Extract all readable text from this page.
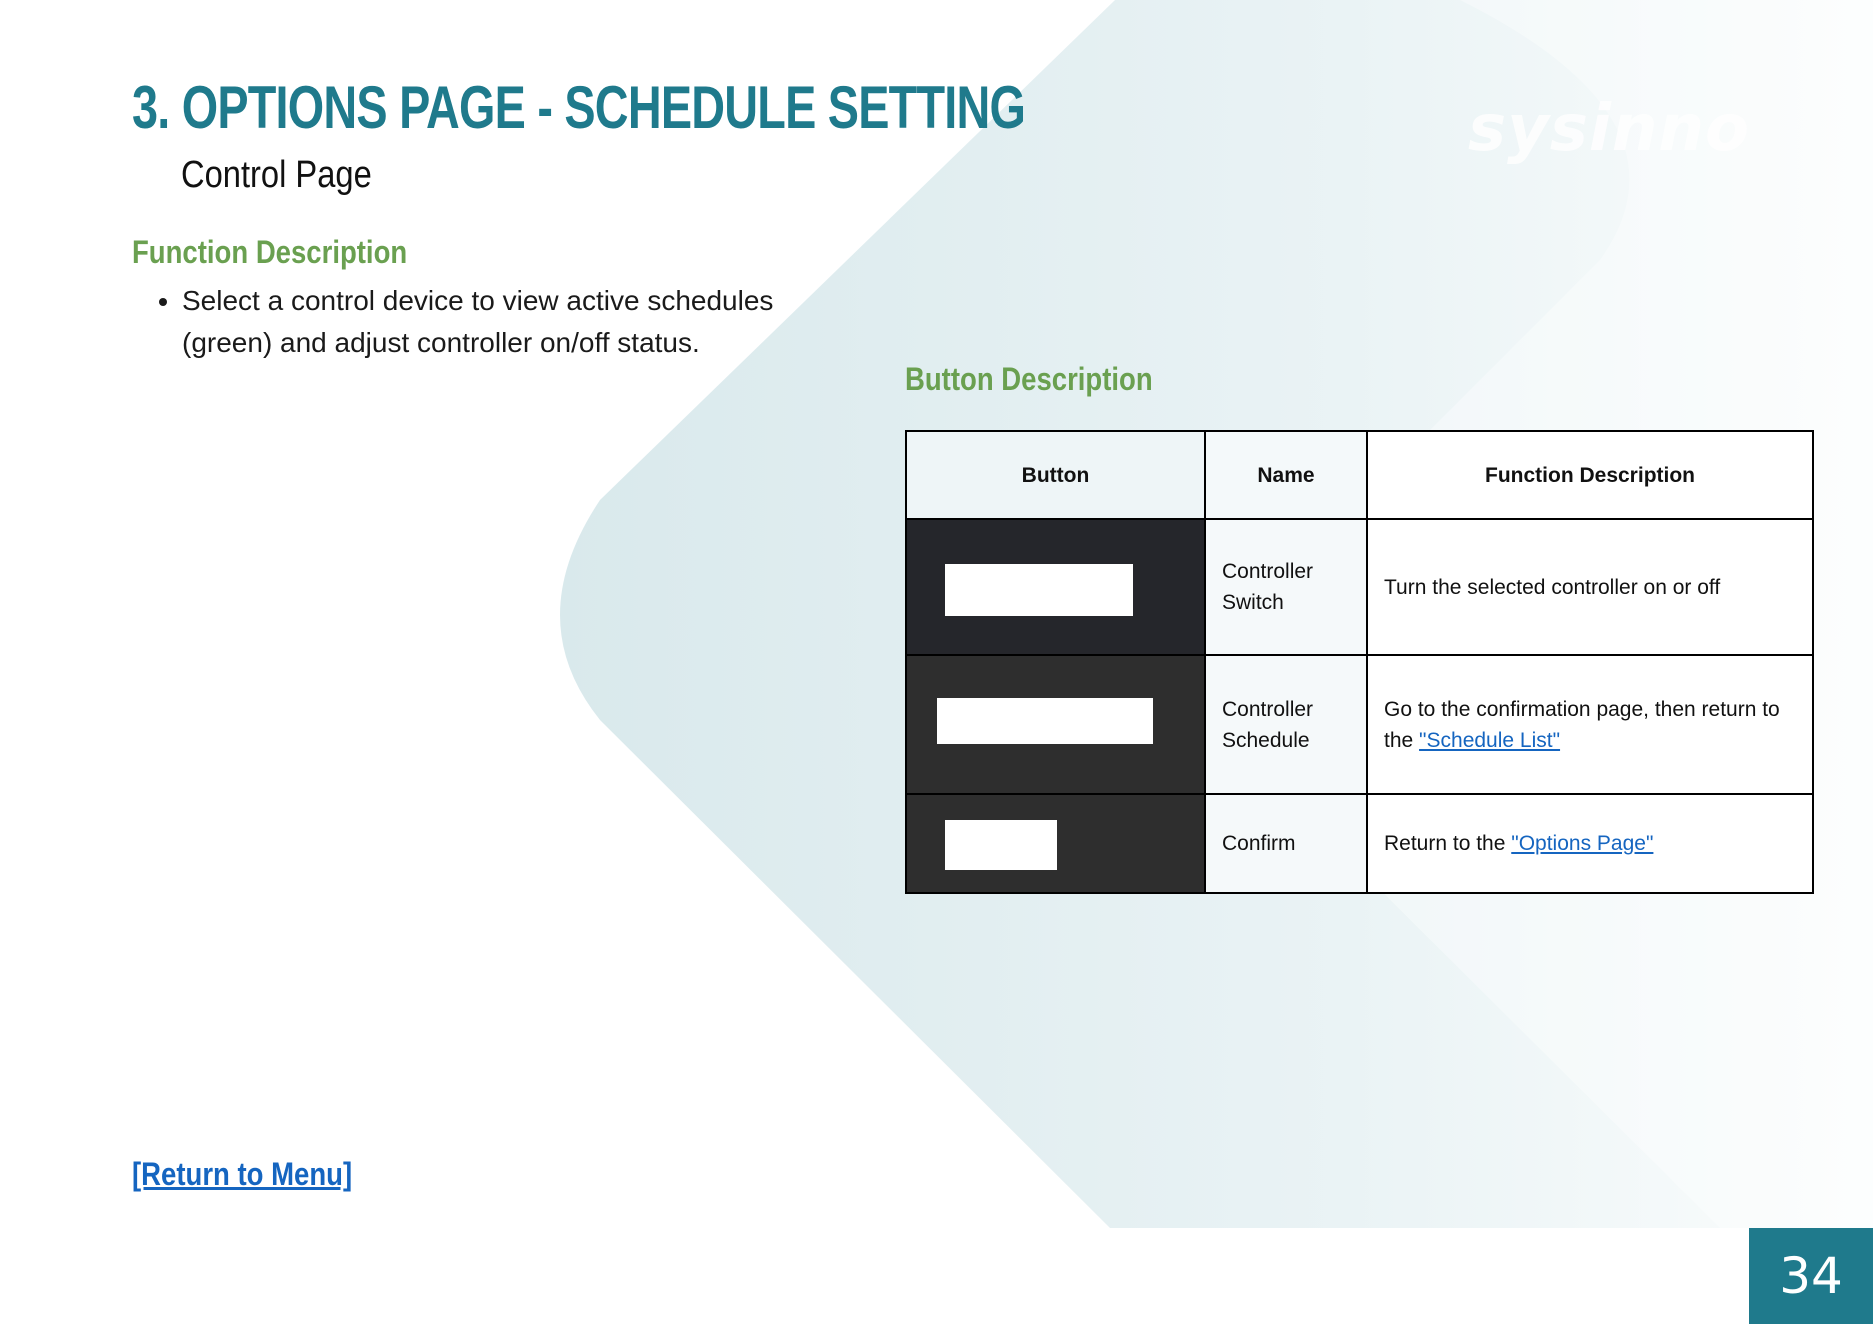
sysinno
3. OPTIONS PAGE - SCHEDULE SETTING
Control Page
Function Description
• Select a control device to view active schedules (green) and adjust controller on/off status.
Button Description
Button	Name	Function Description

	Controller Switch	Turn the selected controller on or off

	Controller Schedule	Go to the confirmation page, then return to the "Schedule List"

	Confirm	Return to the "Options Page"
[Return to Menu]
34
